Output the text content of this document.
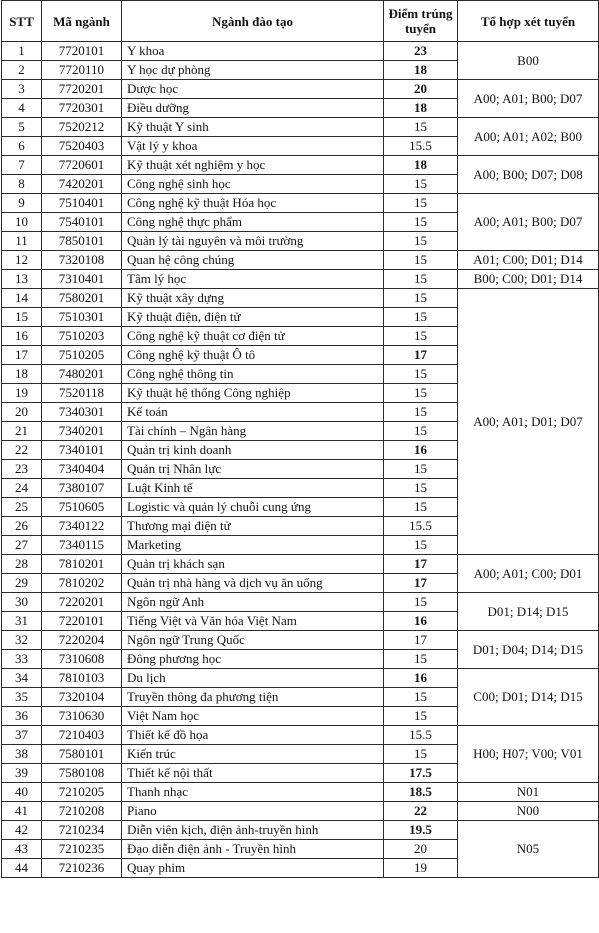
STT	Mã ngành	Ngành đào tạo	Điểm trúng tuyển	Tổ hợp xét tuyển
1	7720101	Y khoa	23	B00
2	7720110	Y học dự phòng	18	
3	7720201	Dược học	20	A00; A01; B00; D07
4	7720301	Điều dưỡng	18	
5	7520212	Kỹ thuật Y sinh	15	A00; A01; A02; B00
6	7520403	Vật lý y khoa	15.5	
7	7720601	Kỹ thuật xét nghiệm y học	18	A00; B00; D07; D08
8	7420201	Công nghệ sinh học	15	
9	7510401	Công nghệ kỹ thuật Hóa học	15	A00; A01; B00; D07
10	7540101	Công nghệ thực phẩm	15	
11	7850101	Quản lý tài nguyên và môi trường	15	
12	7320108	Quan hệ công chúng	15	A01; C00; D01; D14
13	7310401	Tâm lý học	15	B00; C00; D01; D14
14	7580201	Kỹ thuật xây dựng	15	A00; A01; D01; D07
15	7510301	Kỹ thuật điện, điện tử	15	
16	7510203	Công nghệ kỹ thuật cơ điện tử	15	
17	7510205	Công nghệ kỹ thuật Ô tô	17	
18	7480201	Công nghệ thông tin	15	
19	7520118	Kỹ thuật hệ thống Công nghiệp	15	
20	7340301	Kế toán	15	
21	7340201	Tài chính – Ngân hàng	15	
22	7340101	Quản trị kinh doanh	16	
23	7340404	Quản trị Nhân lực	15	
24	7380107	Luật Kinh tế	15	
25	7510605	Logistic và quản lý chuỗi cung ứng	15	
26	7340122	Thương mại điện tử	15.5	
27	7340115	Marketing	15	
28	7810201	Quản trị khách sạn	17	A00; A01; C00; D01
29	7810202	Quản trị nhà hàng và dịch vụ ăn uống	17	
30	7220201	Ngôn ngữ Anh	15	D01; D14; D15
31	7220101	Tiếng Việt và Văn hóa Việt Nam	16	
32	7220204	Ngôn ngữ Trung Quốc	17	D01; D04; D14; D15
33	7310608	Đông phương học	15	
34	7810103	Du lịch	16	C00; D01; D14; D15
35	7320104	Truyền thông đa phương tiện	15	
36	7310630	Việt Nam học	15	
37	7210403	Thiết kế đồ họa	15.5	H00; H07; V00; V01
38	7580101	Kiến trúc	15	
39	7580108	Thiết kế nội thất	17.5	
40	7210205	Thanh nhạc	18.5	N01
41	7210208	Piano	22	N00
42	7210234	Diễn viên kịch, điện ảnh-truyền hình	19.5	N05
43	7210235	Đạo diễn điện ảnh - Truyền hình	20	
44	7210236	Quay phim	19	
